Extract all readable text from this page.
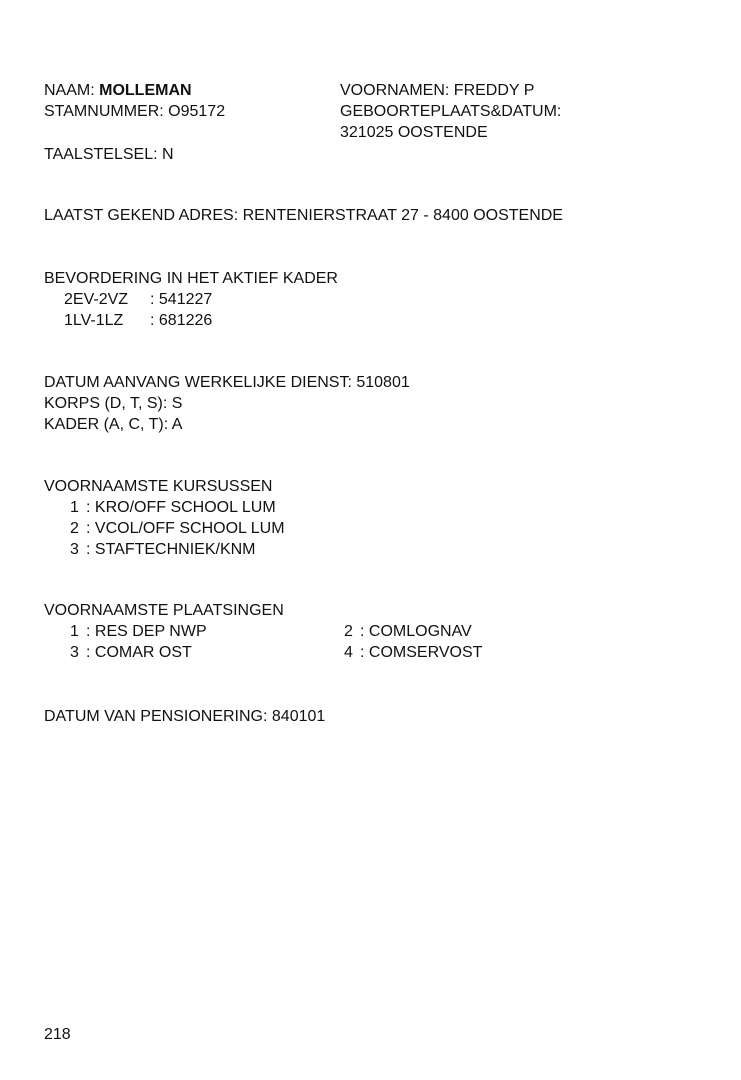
NAAM: MOLLEMAN
STAMNUMMER: O95172
VOORNAMEN: FREDDY P
GEBOORTEPLAATS&DATUM:
321025 OOSTENDE
TAALSTELSEL: N
LAATST GEKEND ADRES: RENTENIERSTRAAT 27 - 8400 OOSTENDE
BEVORDERING IN HET AKTIEF KADER
2EV-2VZ : 541227
1LV-1LZ : 681226
DATUM AANVANG WERKELIJKE DIENST: 510801
KORPS (D, T, S): S
KADER (A, C, T): A
VOORNAAMSTE KURSUSSEN
1 : KRO/OFF SCHOOL LUM
2 : VCOL/OFF SCHOOL LUM
3 : STAFTECHNIEK/KNM
VOORNAAMSTE PLAATSINGEN
1 : RES DEP NWP
3 : COMAR OST
2 : COMLOGNAV
4 : COMSERVOST
DATUM VAN PENSIONERING: 840101
218
